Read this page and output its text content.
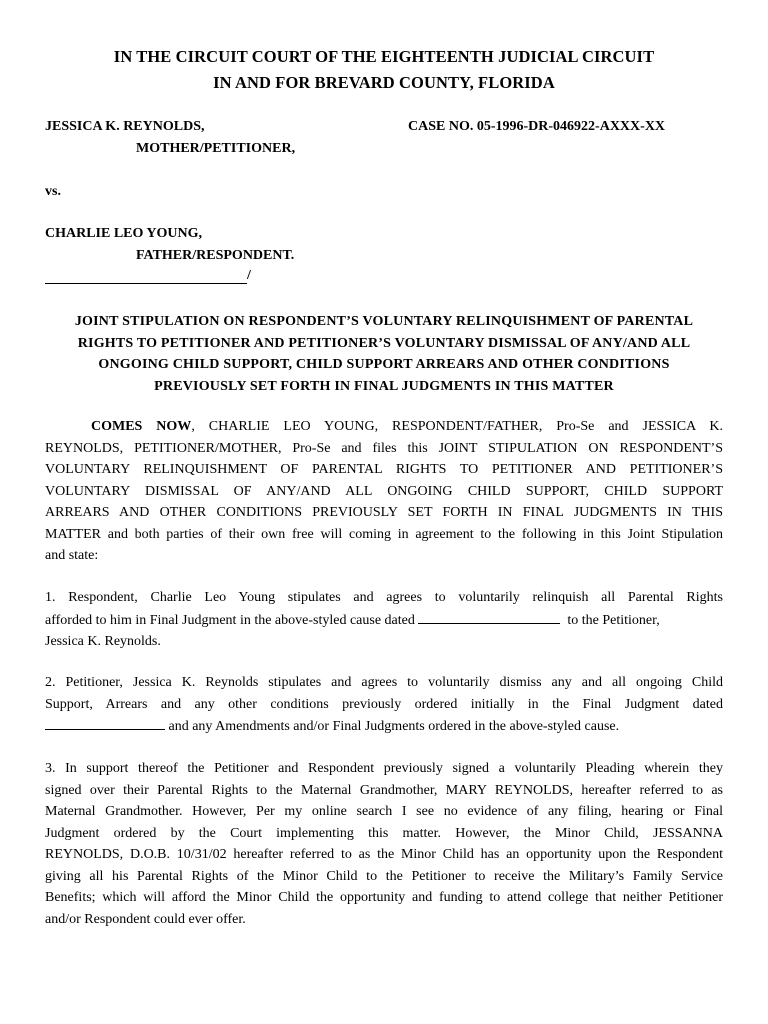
IN THE CIRCUIT COURT OF THE EIGHTEENTH JUDICIAL CIRCUIT
IN AND FOR BREVARD COUNTY, FLORIDA
JESSICA K. REYNOLDS,	CASE NO. 05-1996-DR-046922-AXXX-XX
MOTHER/PETITIONER,
vs.
CHARLIE LEO YOUNG,
FATHER/RESPONDENT.
/
JOINT STIPULATION ON RESPONDENT’S VOLUNTARY RELINQUISHMENT OF PARENTAL
RIGHTS TO PETITIONER AND PETITIONER’S VOLUNTARY DISMISSAL OF ANY/AND ALL
ONGOING CHILD SUPPORT, CHILD SUPPORT ARREARS AND OTHER CONDITIONS
PREVIOUSLY SET FORTH IN FINAL JUDGMENTS IN THIS MATTER
COMES NOW, CHARLIE LEO YOUNG, RESPONDENT/FATHER, Pro-Se and JESSICA K.
REYNOLDS, PETITIONER/MOTHER, Pro-Se and files this JOINT STIPULATION ON RESPONDENT’S
VOLUNTARY RELINQUISHMENT OF PARENTAL RIGHTS TO PETITIONER AND PETITIONER’S
VOLUNTARY DISMISSAL OF ANY/AND ALL ONGOING CHILD SUPPORT, CHILD SUPPORT
ARREARS AND OTHER CONDITIONS PREVIOUSLY SET FORTH IN FINAL JUDGMENTS IN THIS
MATTER and both parties of their own free will coming in agreement to the following in this Joint Stipulation
and state:
1. Respondent, Charlie Leo Young stipulates and agrees to voluntarily relinquish all Parental Rights
afforded to him in Final Judgment in the above-styled cause dated	to the Petitioner,
Jessica K. Reynolds.
2. Petitioner, Jessica K. Reynolds stipulates and agrees to voluntarily dismiss any and all ongoing Child
Support, Arrears and any other conditions previously ordered initially in the Final Judgment dated
and any Amendments and/or Final Judgments ordered in the above-styled cause.
3. In support thereof the Petitioner and Respondent previously signed a voluntarily Pleading wherein they
signed over their Parental Rights to the Maternal Grandmother, MARY REYNOLDS, hereafter referred to as
Maternal Grandmother. However, Per my online search I see no evidence of any filing, hearing or Final
Judgment ordered by the Court implementing this matter. However, the Minor Child, JESSANNA
REYNOLDS, D.O.B. 10/31/02 hereafter referred to as the Minor Child has an opportunity upon the Respondent
giving all his Parental Rights of the Minor Child to the Petitioner to receive the Military’s Family Service
Benefits; which will afford the Minor Child the opportunity and funding to attend college that neither Petitioner
and/or Respondent could ever offer.
